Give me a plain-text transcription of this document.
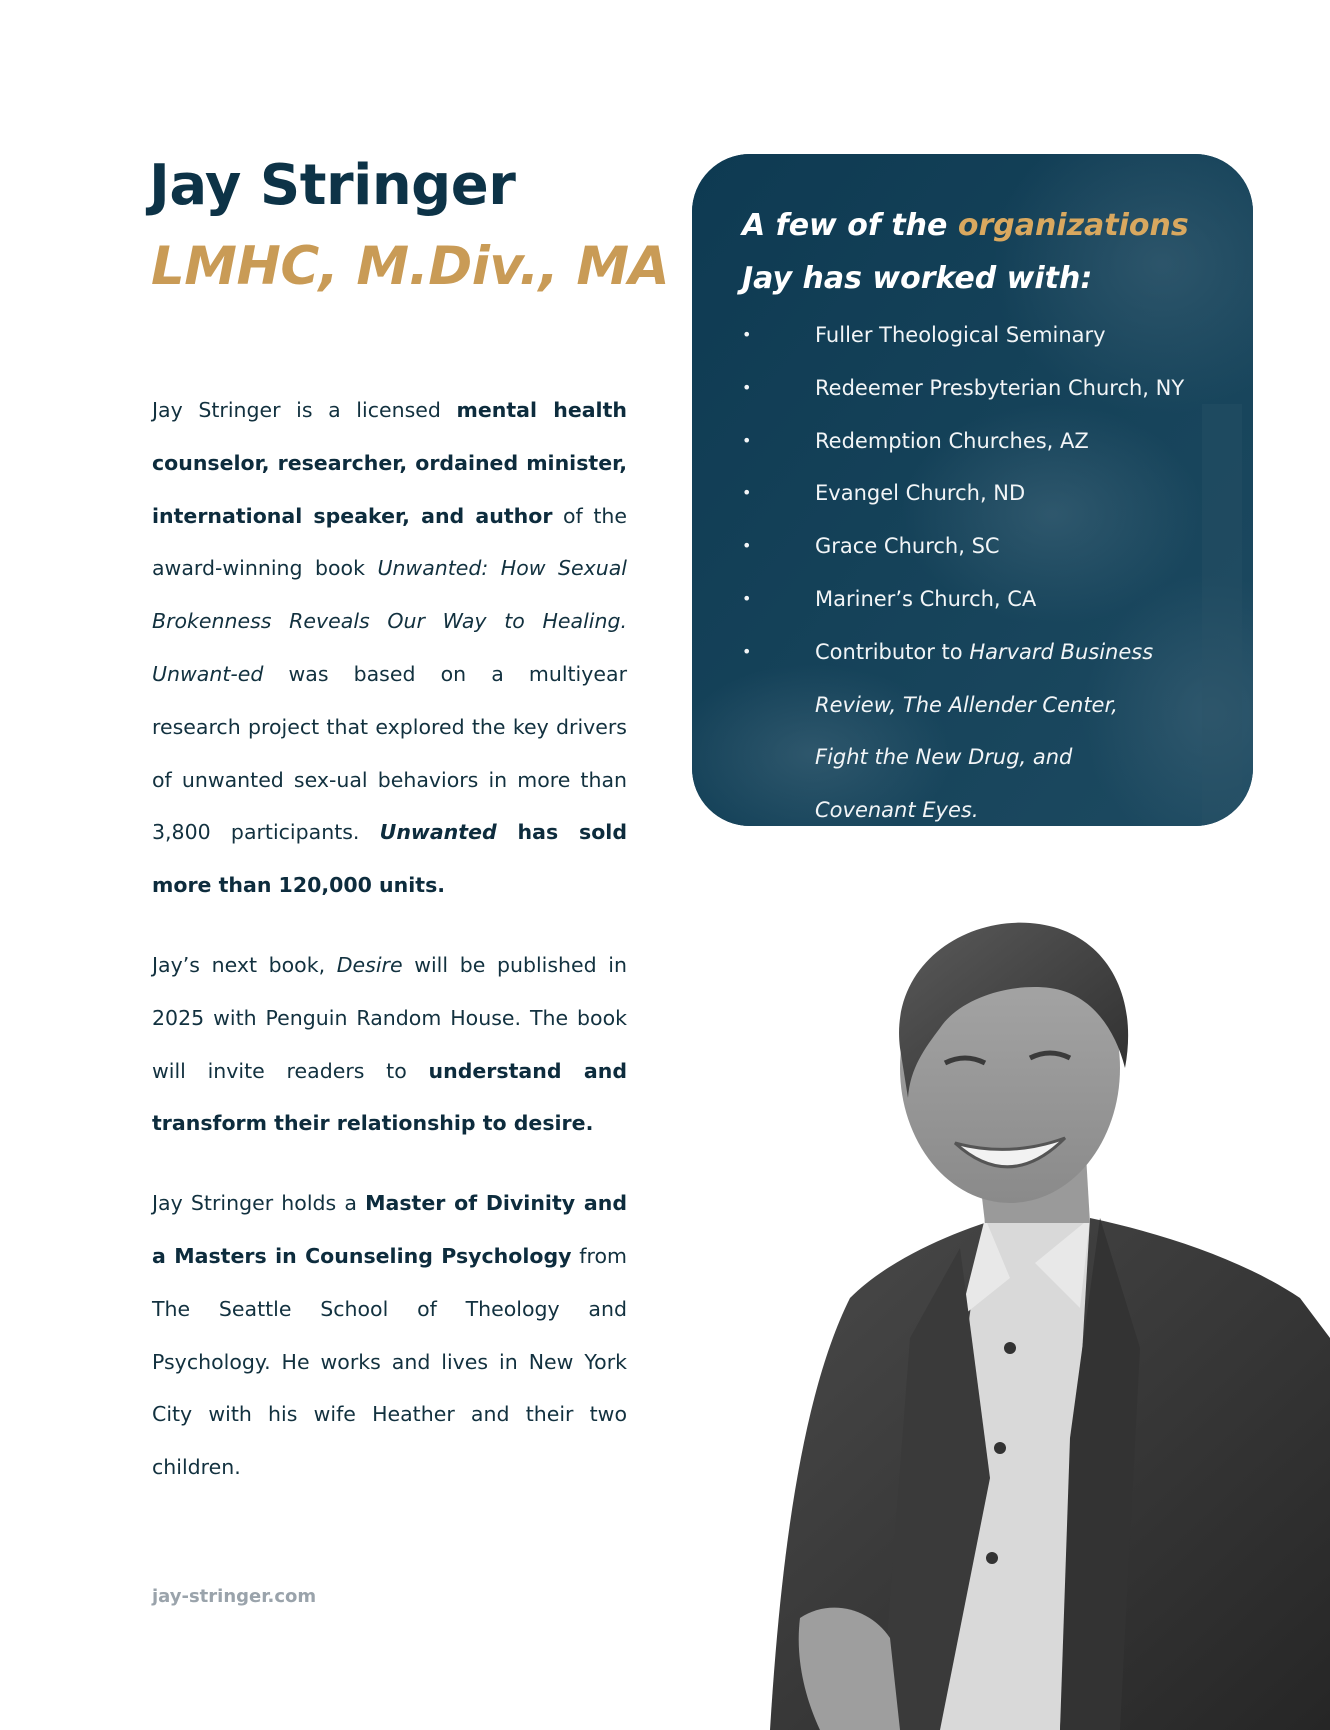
Jay Stringer
LMHC, M.Div., MA

Jay Stringer is a licensed mental health counselor, researcher, ordained minister, international speaker, and author of the award-winning book Unwanted: How Sexual Brokenness Reveals Our Way to Healing. Unwant-ed was based on a multiyear research project that explored the key drivers of unwanted sex-ual behaviors in more than 3,800 participants. Unwanted has sold more than 120,000 units.

Jay’s next book, Desire will be published in 2025 with Penguin Random House. The book will invite readers to understand and transform their relationship to desire.

Jay Stringer holds a Master of Divinity and a Masters in Counseling Psychology from The Seattle School of Theology and Psychology. He works and lives in New York City with his wife Heather and their two children.

jay-stringer.com
A few of the organizations
Jay has worked with:
•	Fuller Theological Seminary
•	Redeemer Presbyterian Church, NY
•	Redemption Churches, AZ
•	Evangel Church, ND
•	Grace Church, SC
•	Mariner’s Church, CA
•	Contributor to Harvard Business Review, The Allender Center, Fight the New Drug, and Covenant Eyes.
